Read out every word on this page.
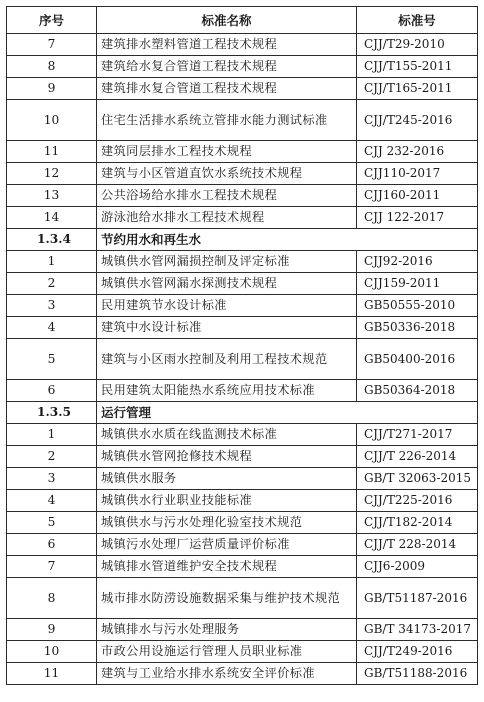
序号	标准名称	标准号
7	建筑排水塑料管道工程技术规程	CJJ/T29-2010
8	建筑给水复合管道工程技术规程	CJJ/T155-2011
9	建筑排水复合管道工程技术规程	CJJ/T165-2011
10	住宅生活排水系统立管排水能力测试标准	CJJ/T245-2016
11	建筑同层排水工程技术规程	CJJ 232-2016
12	建筑与小区管道直饮水系统技术规程	CJJ110-2017
13	公共浴场给水排水工程技术规程	CJJ160-2011
14	游泳池给水排水工程技术规程	CJJ 122-2017
1.3.4	节约用水和再生水	
1	城镇供水管网漏损控制及评定标准	CJJ92-2016
2	城镇供水管网漏水探测技术规程	CJJ159-2011
3	民用建筑节水设计标准	GB50555-2010
4	建筑中水设计标准	GB50336-2018
5	建筑与小区雨水控制及利用工程技术规范	GB50400-2016
6	民用建筑太阳能热水系统应用技术标准	GB50364-2018
1.3.5	运行管理	
1	城镇供水水质在线监测技术标准	CJJ/T271-2017
2	城镇供水管网抢修技术规程	CJJ/T 226-2014
3	城镇供水服务	GB/T 32063-2015
4	城镇供水行业职业技能标准	CJJ/T225-2016
5	城镇供水与污水处理化验室技术规范	CJJ/T182-2014
6	城镇污水处理厂运营质量评价标准	CJJ/T 228-2014
7	城镇排水管道维护安全技术规程	CJJ6-2009
8	城市排水防涝设施数据采集与维护技术规范	GB/T51187-2016
9	城镇排水与污水处理服务	GB/T 34173-2017
10	市政公用设施运行管理人员职业标准	CJJ/T249-2016
11	建筑与工业给水排水系统安全评价标准	GB/T51188-2016
